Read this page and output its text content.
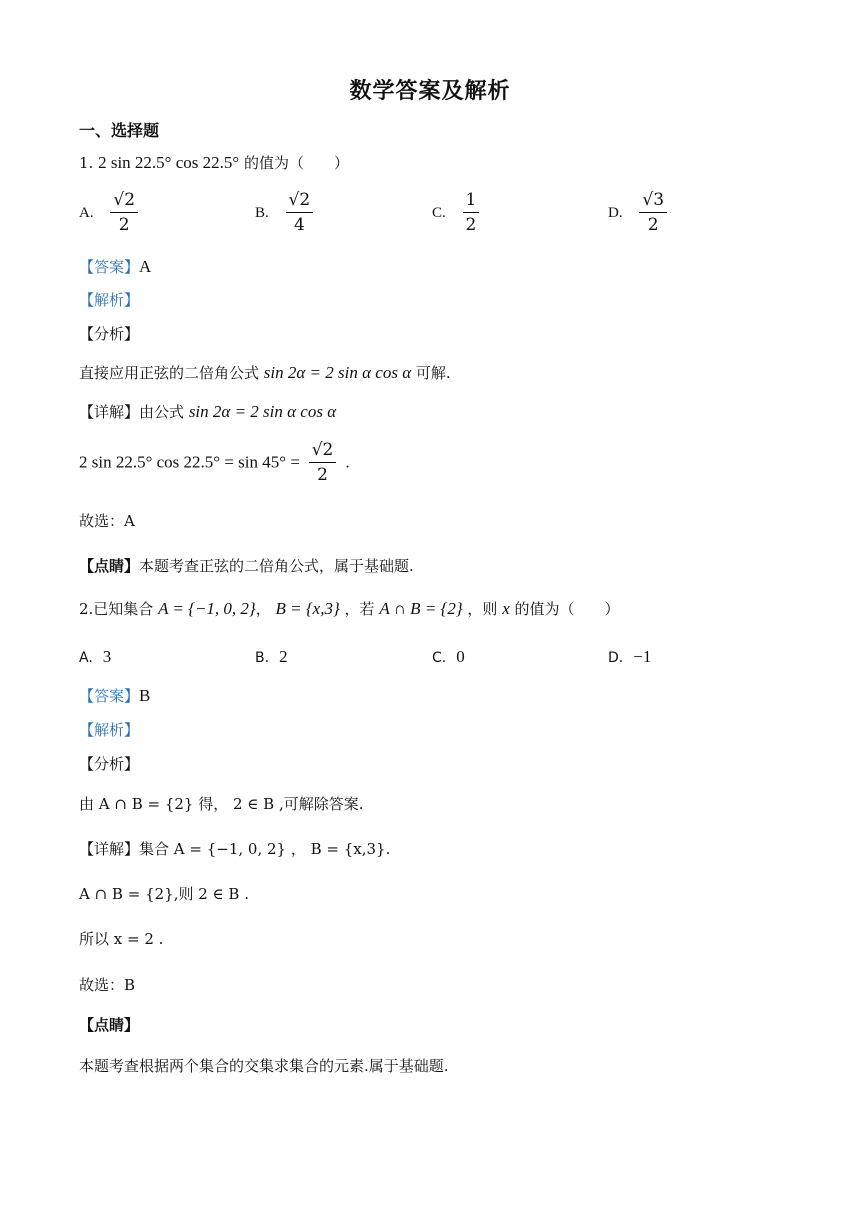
数学答案及解析
一、选择题
1. 2 sin 22.5° cos 22.5° 的值为（　　）
A. $\frac{√2}{2}$	B. $\frac{√2}{4}$	C. $\frac{1}{2}$	D. $\frac{√3}{2}$
【答案】A
【解析】
【分析】
直接应用正弦的二倍角公式 sin 2α = 2 sin α cos α 可解.
【详解】由公式 sin 2α = 2 sin α cos α
2 sin 22.5° $\cos 22.5^\circ = \sin 45^\circ = \frac{√2}{2}$ .
故选：A
【点睛】本题考查正弦的二倍角公式，属于基础题.
2.已知集合 A = {−1, 0, 2}， B = {x,3} ，若 A ∩ B = {2} ，则 x 的值为（　　）
A. 3	B. 2	C. 0	D. −1
【答案】B
【解析】
【分析】
由 A ∩ B = {2} 得， 2 ∈ B ,可解除答案.
【详解】集合 A = {−1, 0, 2} ， B = {x,3}.
A ∩ B = {2},则 2 ∈ B .
所以 x = 2 .
故选：B
【点睛】
本题考查根据两个集合的交集求集合的元素.属于基础题.
